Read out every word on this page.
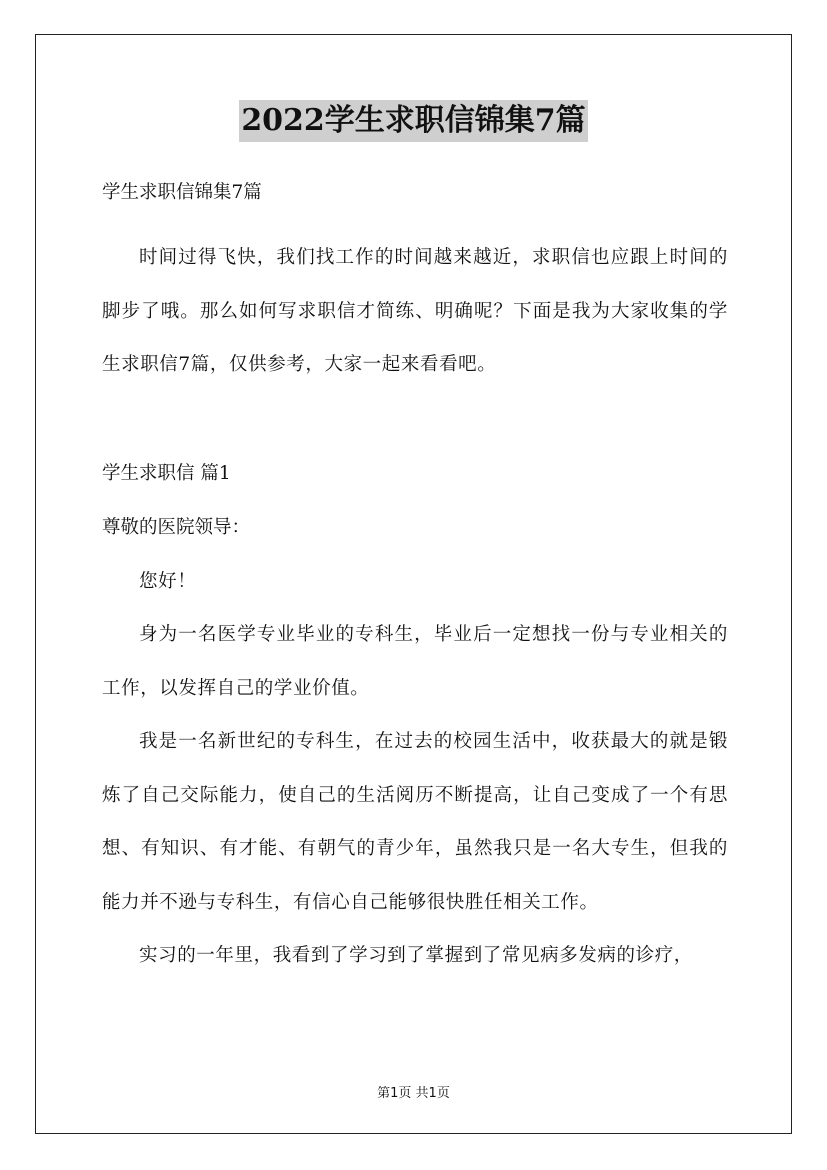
2022学生求职信锦集7篇
学生求职信锦集7篇

时间过得飞快，我们找工作的时间越来越近，求职信也应跟上时间的脚步了哦。那么如何写求职信才简练、明确呢？下面是我为大家收集的学生求职信7篇，仅供参考，大家一起来看看吧。

学生求职信 篇1
尊敬的医院领导：

您好！

身为一名医学专业毕业的专科生，毕业后一定想找一份与专业相关的工作，以发挥自己的学业价值。

我是一名新世纪的专科生，在过去的校园生活中，收获最大的就是锻炼了自己交际能力，使自己的生活阅历不断提高，让自己变成了一个有思想、有知识、有才能、有朝气的青少年，虽然我只是一名大专生，但我的能力并不逊与专科生，有信心自己能够很快胜任相关工作。

实习的一年里，我看到了学习到了掌握到了常见病多发病的诊疗，

第1页 共1页
